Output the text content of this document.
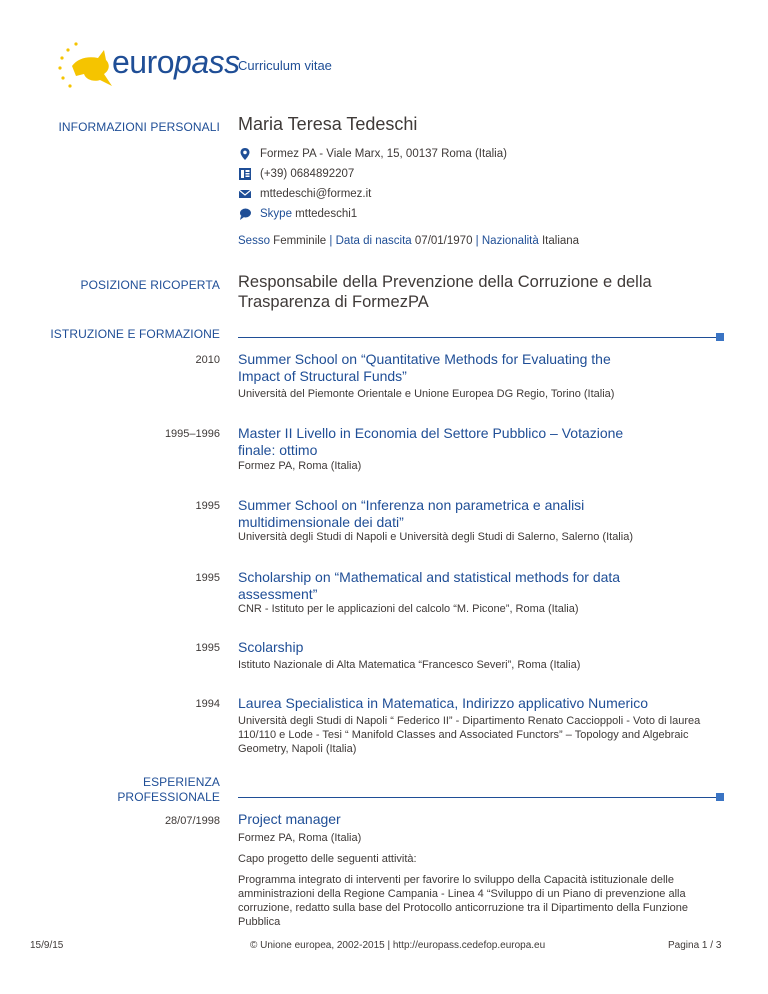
europass
Curriculum vitae
INFORMAZIONI PERSONALI Maria Teresa Tedeschi
Formez PA - Viale Marx, 15, 00137 Roma (Italia)
(+39) 0684892207
mttedeschi@formez.it
Skype
mttedeschi1
Sesso Femminile | Data di nascita 07/01/1970 | Nazionalità Italiana
POSIZIONE RICOPERTA Responsabile della Prevenzione della Corruzione e della Trasparenza di FormezPA
ISTRUZIONE E FORMAZIONE
2010 Summer School on “Quantitative Methods for Evaluating the Impact of Structural Funds”
Università del Piemonte Orientale e Unione Europea DG Regio, Torino (Italia)
1995–1996 Master II Livello in Economia del Settore Pubblico – Votazione finale: ottimo
Formez PA, Roma (Italia)
1995 Summer School on “Inferenza non parametrica e analisi multidimensionale dei dati”
Università degli Studi di Napoli e Università degli Studi di Salerno, Salerno (Italia)
1995 Scholarship on “Mathematical and statistical methods for data assessment”
CNR - Istituto per le applicazioni del calcolo “M. Picone”, Roma (Italia)
1995 Scolarship
Istituto Nazionale di Alta Matematica “Francesco Severi”, Roma (Italia)
1994 Laurea Specialistica in Matematica, Indirizzo applicativo Numerico
Università degli Studi di Napoli “ Federico II” - Dipartimento Renato Caccioppoli - Voto di laurea 110/110 e Lode - Tesi “ Manifold Classes and Associated Functors” – Topology and Algebraic Geometry, Napoli (Italia)
ESPERIENZA
PROFESSIONALE
28/07/1998 Project manager
Formez PA, Roma (Italia)
Capo progetto delle seguenti attività:
Programma integrato di interventi per favorire lo sviluppo della Capacità istituzionale delle amministrazioni della Regione Campania - Linea 4 “Sviluppo di un Piano di prevenzione alla corruzione, redatto sulla base del Protocollo anticorruzione tra il Dipartimento della Funzione Pubblica
15/9/15	© Unione europea, 2002-2015 | http://europass.cedefop.europa.eu	Pagina 1 / 3
